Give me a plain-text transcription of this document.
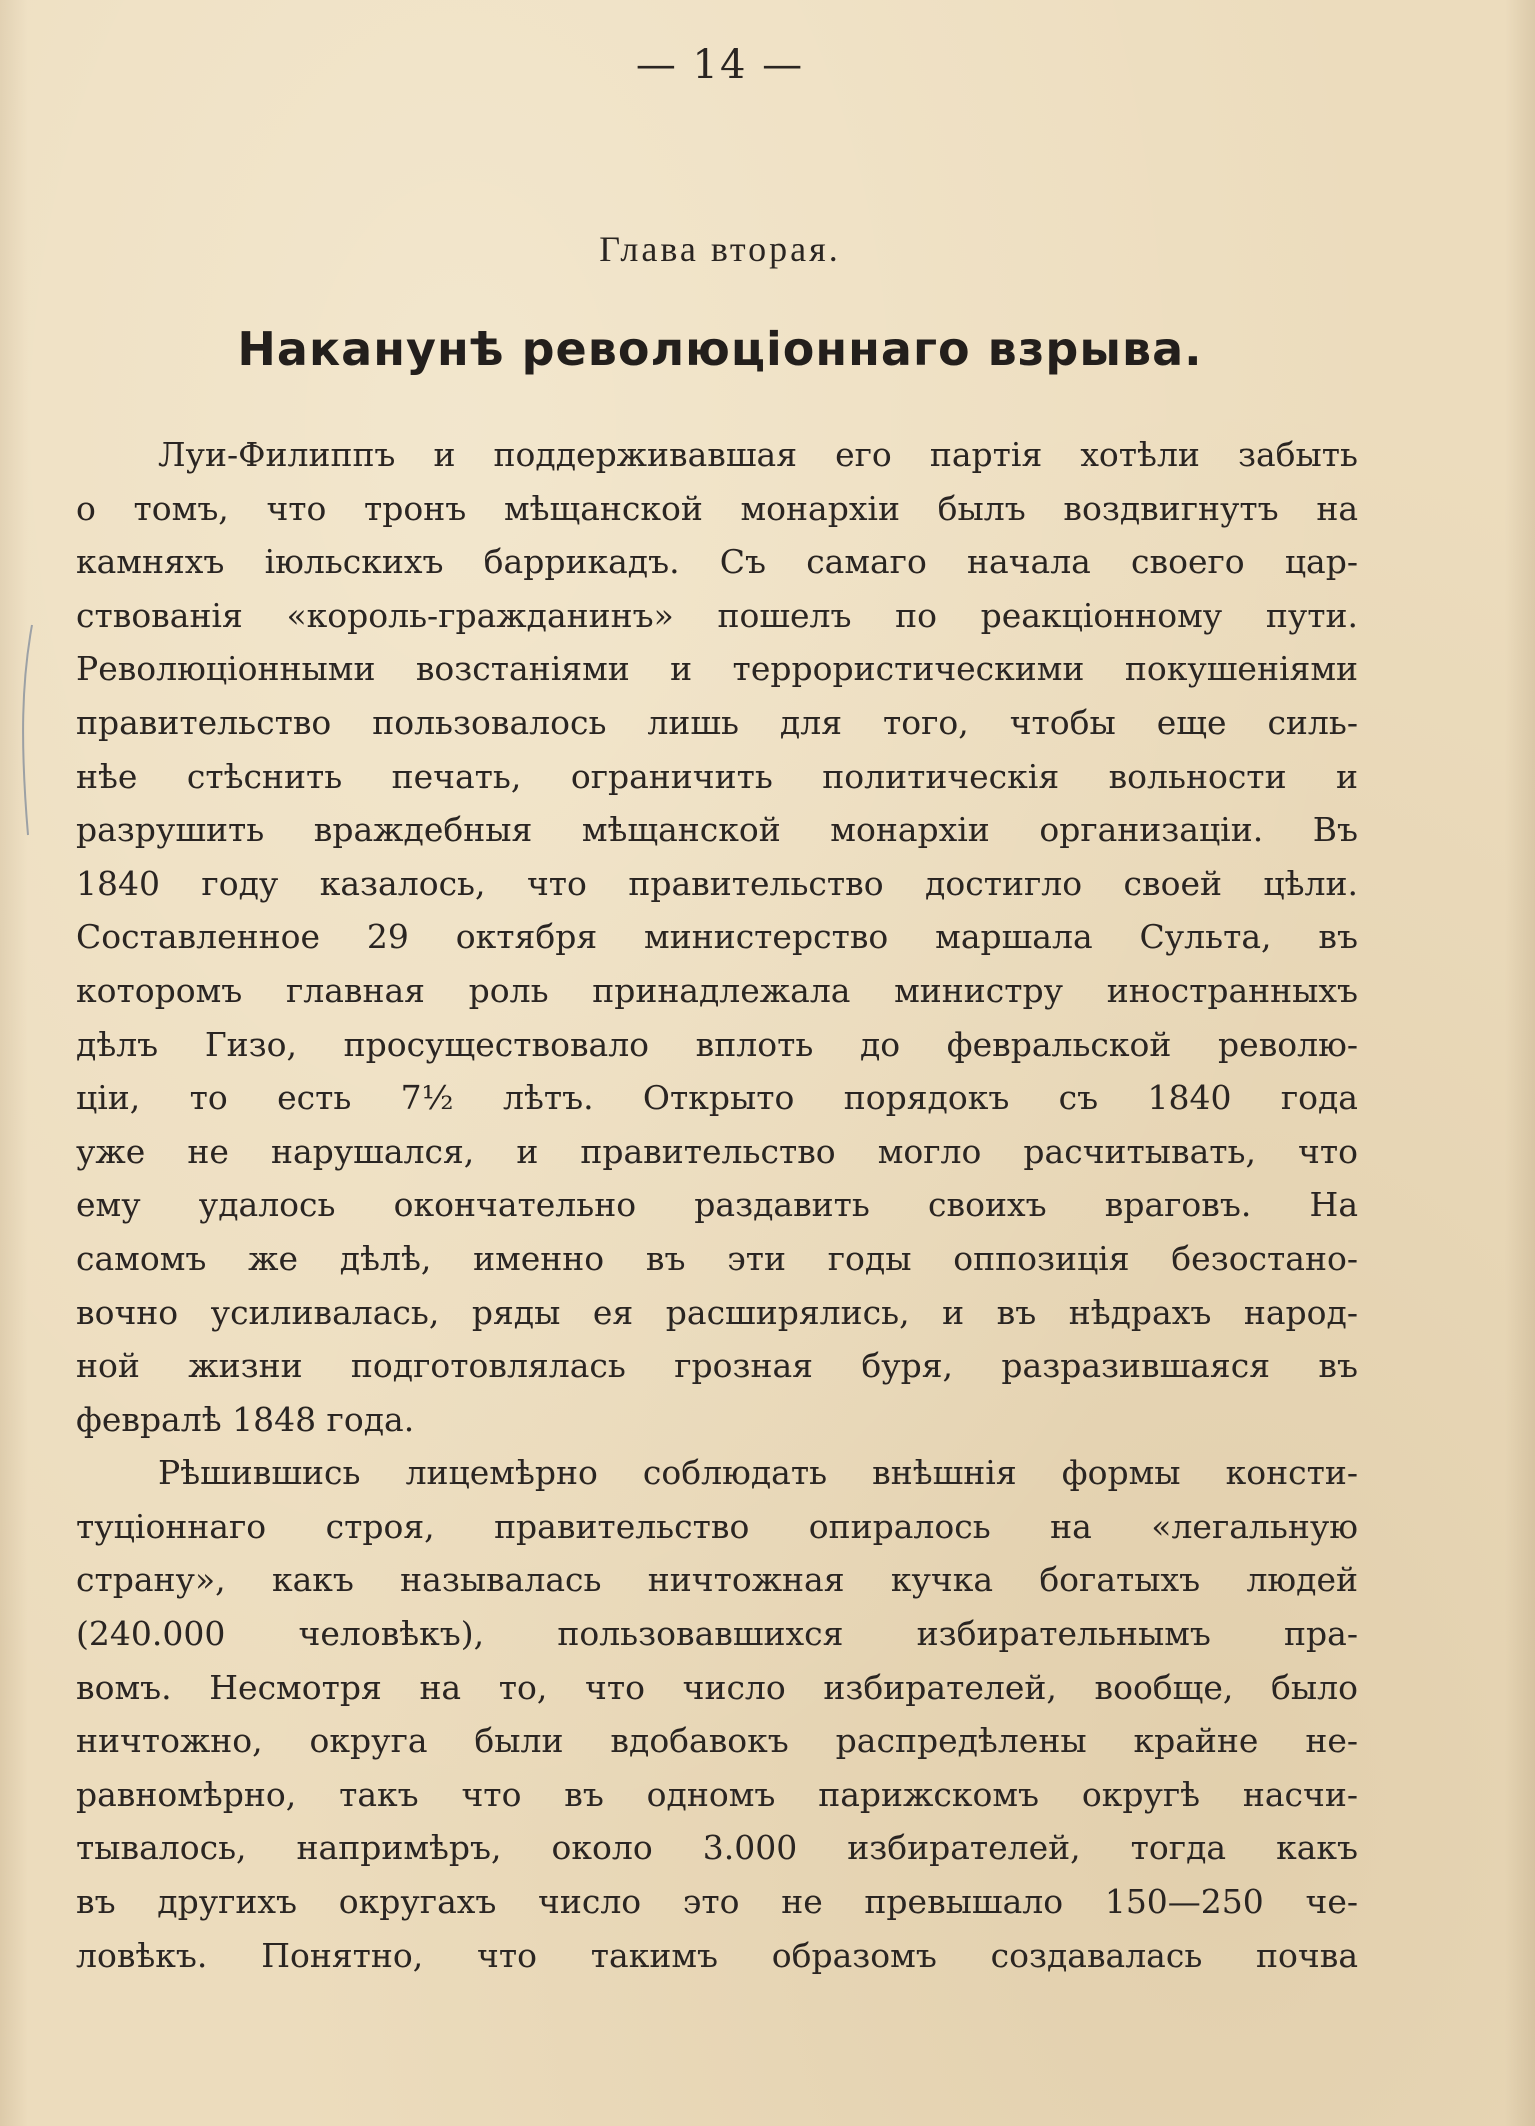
— 14 —
Глава вторая.
Наканунѣ революціоннаго взрыва.
Луи-Филиппъ и поддерживавшая его партія хотѣли забыть
о томъ, что тронъ мѣщанской монархіи былъ воздвигнутъ на
камняхъ іюльскихъ баррикадъ. Съ самаго начала своего цар-
ствованія «король-гражданинъ» пошелъ по реакціонному пути.
Революціонными возстаніями и террористическими покушеніями
правительство пользовалось лишь для того, чтобы еще силь-
нѣе стѣснить печать, ограничить политическія вольности и
разрушить враждебныя мѣщанской монархіи организаціи. Въ
1840 году казалось, что правительство достигло своей цѣли.
Составленное 29 октября министерство маршала Сульта, въ
которомъ главная роль принадлежала министру иностранныхъ
дѣлъ Гизо, просуществовало вплоть до февральской револю-
ціи, то есть 7½ лѣтъ. Открыто порядокъ съ 1840 года
уже не нарушался, и правительство могло расчитывать, что
ему удалось окончательно раздавить своихъ враговъ. На
самомъ же дѣлѣ, именно въ эти годы оппозиція безостано-
вочно усиливалась, ряды ея расширялись, и въ нѣдрахъ народ-
ной жизни подготовлялась грозная буря, разразившаяся въ
февралѣ 1848 года.
Рѣшившись лицемѣрно соблюдать внѣшнія формы консти-
туціоннаго строя, правительство опиралось на «легальную
страну», какъ называлась ничтожная кучка богатыхъ людей
(240.000 человѣкъ), пользовавшихся избирательнымъ пра-
вомъ. Несмотря на то, что число избирателей, вообще, было
ничтожно, округа были вдобавокъ распредѣлены крайне не-
равномѣрно, такъ что въ одномъ парижскомъ округѣ насчи-
тывалось, напримѣръ, около 3.000 избирателей, тогда какъ
въ другихъ округахъ число это не превышало 150—250 че-
ловѣкъ. Понятно, что такимъ образомъ создавалась почва
